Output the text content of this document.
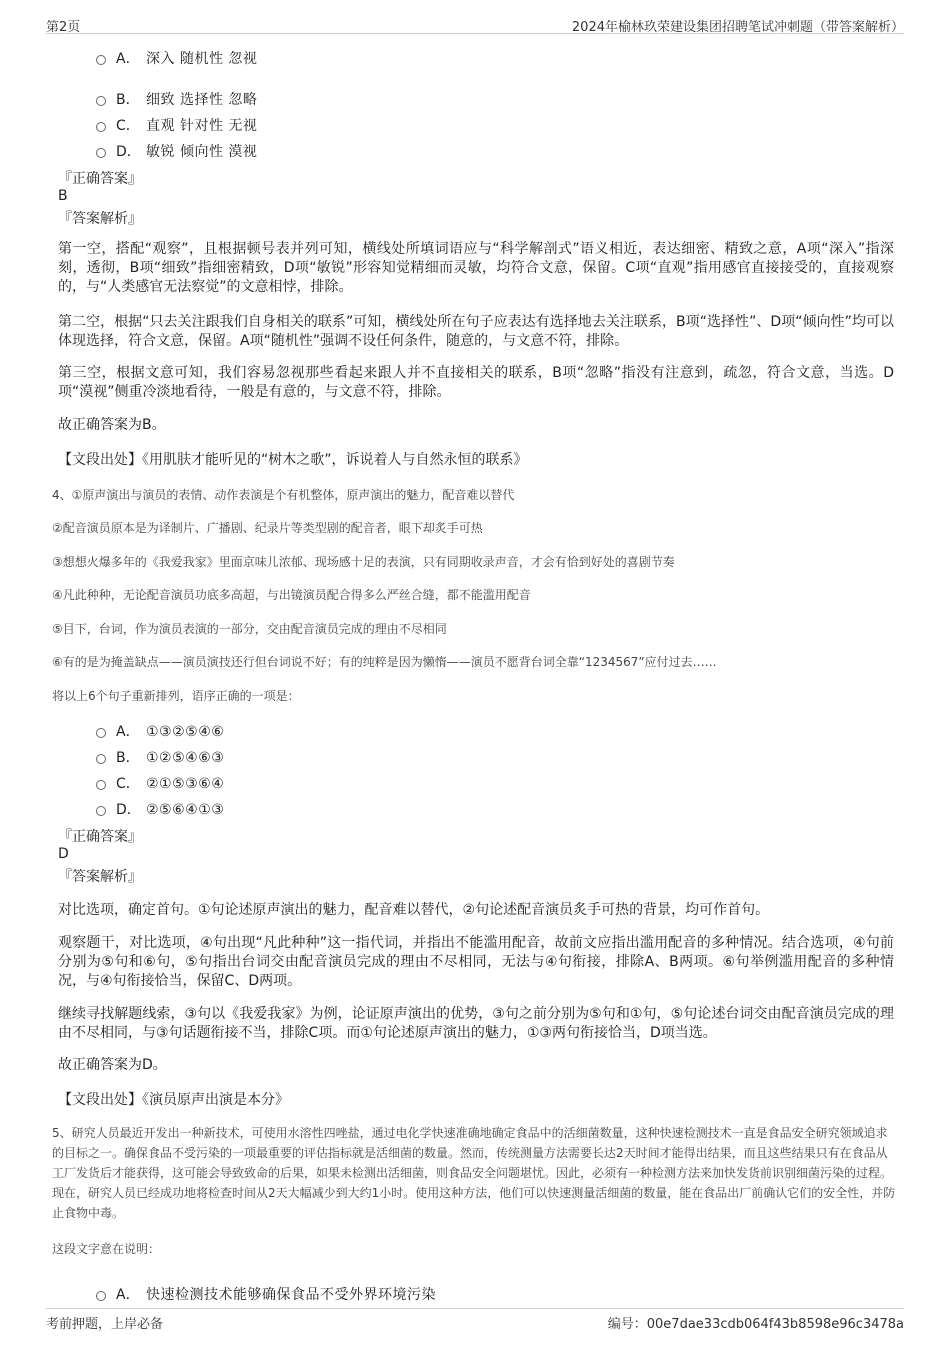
第2页	2024年榆林玖荣建设集团招聘笔试冲刺题（带答案解析）
A． 深入 随机性 忽视
B． 细致 选择性 忽略
C． 直观 针对性 无视
D． 敏锐 倾向性 漠视
『正确答案』
B
『答案解析』
第一空，搭配“观察”，且根据顿号表并列可知，横线处所填词语应与“科学解剖式”语义相近，表达细密、精致之意，A项“深入”指深刻，透彻，B项“细致”指细密精致，D项“敏锐”形容知觉精细而灵敏，均符合文意，保留。C项“直观”指用感官直接接受的，直接观察的，与“人类感官无法察觉”的文意相悖，排除。
第二空，根据“只去关注跟我们自身相关的联系”可知，横线处所在句子应表达有选择地去关注联系，B项“选择性”、D项“倾向性”均可以体现选择，符合文意，保留。A项“随机性”强调不设任何条件，随意的，与文意不符，排除。
第三空，根据文意可知，我们容易忽视那些看起来跟人并不直接相关的联系，B项“忽略”指没有注意到，疏忽，符合文意，当选。D项“漠视”侧重冷淡地看待，一般是有意的，与文意不符，排除。
故正确答案为B。
【文段出处】《用肌肤才能听见的“树木之歌”，诉说着人与自然永恒的联系》
4、①原声演出与演员的表情、动作表演是个有机整体，原声演出的魅力，配音难以替代
②配音演员原本是为译制片、广播剧、纪录片等类型剧的配音者，眼下却炙手可热
③想想火爆多年的《我爱我家》里面京味儿浓郁、现场感十足的表演，只有同期收录声音，才会有恰到好处的喜剧节奏
④凡此种种，无论配音演员功底多高超，与出镜演员配合得多么严丝合缝，都不能滥用配音
⑤目下，台词，作为演员表演的一部分，交由配音演员完成的理由不尽相同
⑥有的是为掩盖缺点——演员演技还行但台词说不好；有的纯粹是因为懒惰——演员不愿背台词全靠“1234567”应付过去……
将以上6个句子重新排列，语序正确的一项是：
A． ①③②⑤④⑥
B． ①②⑤④⑥③
C． ②①⑤③⑥④
D． ②⑤⑥④①③
『正确答案』
D
『答案解析』
对比选项，确定首句。①句论述原声演出的魅力，配音难以替代，②句论述配音演员炙手可热的背景，均可作首句。
观察题干，对比选项，④句出现“凡此种种”这一指代词，并指出不能滥用配音，故前文应指出滥用配音的多种情况。结合选项，④句前分别为⑤句和⑥句，⑤句指出台词交由配音演员完成的理由不尽相同，无法与④句衔接，排除A、B两项。⑥句举例滥用配音的多种情况，与④句衔接恰当，保留C、D两项。
继续寻找解题线索，③句以《我爱我家》为例，论证原声演出的优势，③句之前分别为⑤句和①句，⑤句论述台词交由配音演员完成的理由不尽相同，与③句话题衔接不当，排除C项。而①句论述原声演出的魅力，①③两句衔接恰当，D项当选。
故正确答案为D。
【文段出处】《演员原声出演是本分》
5、研究人员最近开发出一种新技术，可使用水溶性四唑盐，通过电化学快速准确地确定食品中的活细菌数量，这种快速检测技术一直是食品安全研究领域追求的目标之一。确保食品不受污染的一项最重要的评估指标就是活细菌的数量。然而，传统测量方法需要长达2天时间才能得出结果，而且这些结果只有在食品从工厂发货后才能获得，这可能会导致致命的后果，如果未检测出活细菌，则食品安全问题堪忧。因此，必须有一种检测方法来加快发货前识别细菌污染的过程。现在，研究人员已经成功地将检查时间从2天大幅减少到大约1小时。使用这种方法，他们可以快速测量活细菌的数量，能在食品出厂前确认它们的安全性，并防止食物中毒。
这段文字意在说明：
A． 快速检测技术能够确保食品不受外界环境污染
考前押题，上岸必备	编号：00e7dae33cdb064f43b8598e96c3478a
